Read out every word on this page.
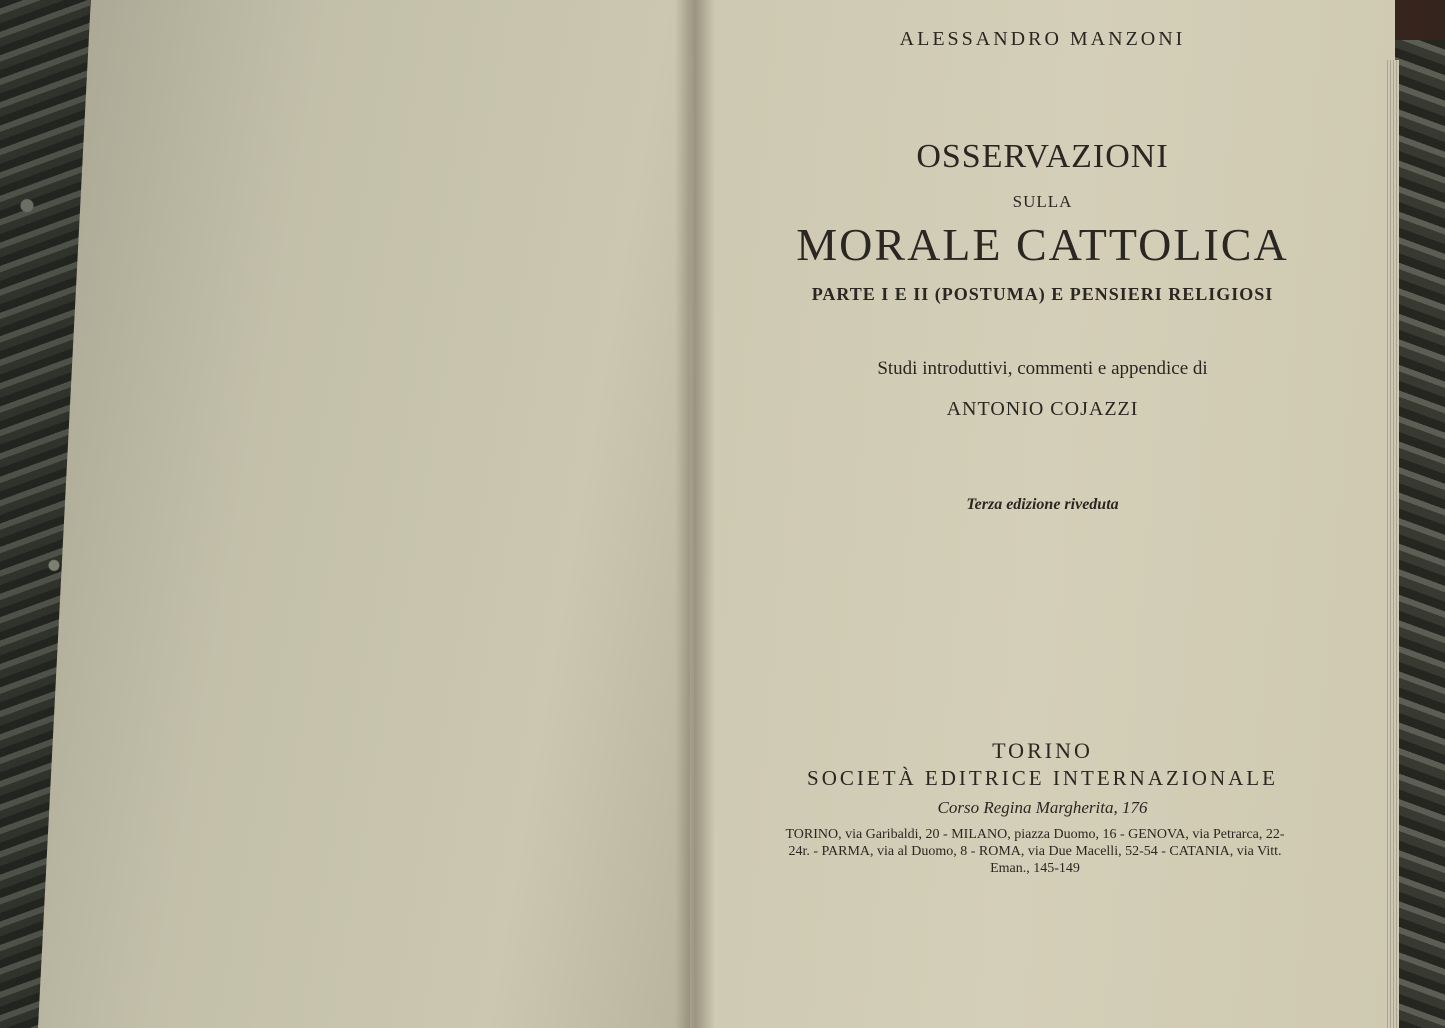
ALESSANDRO MANZONI
OSSERVAZIONI
SULLA
MORALE CATTOLICA
PARTE I E II (POSTUMA) E PENSIERI RELIGIOSI
Studi introduttivi, commenti e appendice di
ANTONIO COJAZZI
Terza edizione riveduta
TORINO
SOCIETÀ EDITRICE INTERNAZIONALE
Corso Regina Margherita, 176
TORINO, via Garibaldi, 20 - MILANO, piazza Duomo, 16 - GENOVA, via Petrarca, 22-24r. - PARMA, via al Duomo, 8 - ROMA, via Due Macelli, 52-54 - CATANIA, via Vitt. Eman., 145-149
